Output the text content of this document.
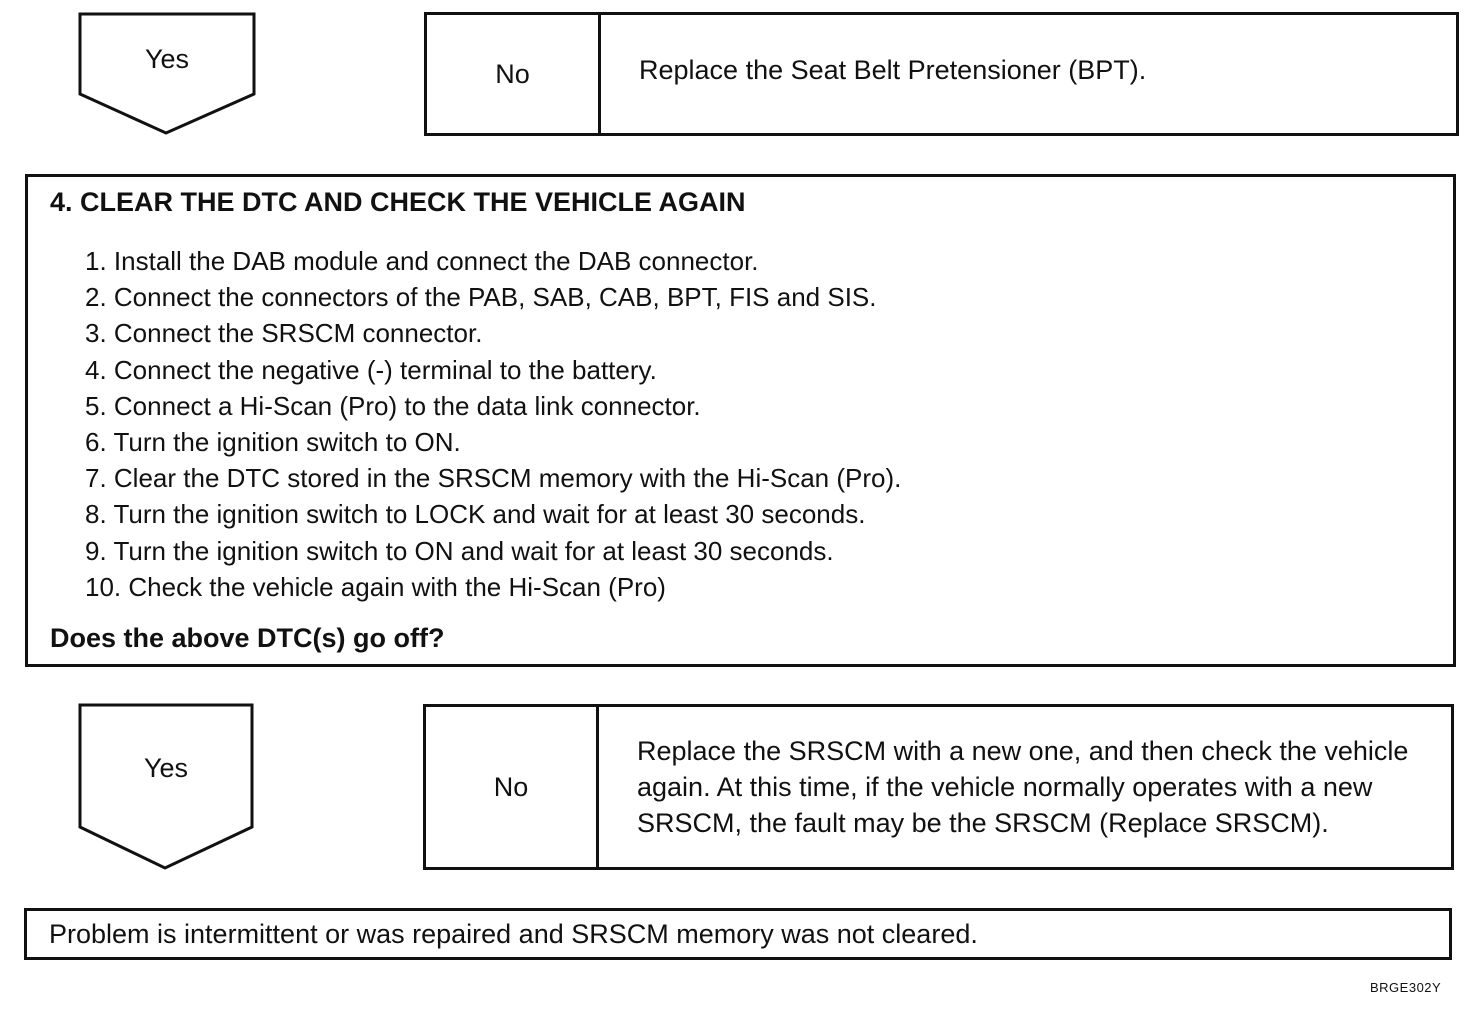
Yes	No	Replace the Seat Belt Pretensioner (BPT).
4. CLEAR THE DTC AND CHECK THE VEHICLE AGAIN
1. Install the DAB module and connect the DAB connector.
2. Connect the connectors of the PAB, SAB, CAB, BPT, FIS and SIS.
3. Connect the SRSCM connector.
4. Connect the negative (-) terminal to the battery.
5. Connect a Hi-Scan (Pro) to the data link connector.
6. Turn the ignition switch to ON.
7. Clear the DTC stored in the SRSCM memory with the Hi-Scan (Pro).
8. Turn the ignition switch to LOCK and wait for at least 30 seconds.
9. Turn the ignition switch to ON and wait for at least 30 seconds.
10. Check the vehicle again with the Hi-Scan (Pro)
Does the above DTC(s) go off?
Yes
No
Replace the SRSCM with a new one, and then check the vehicle again. At this time, if the vehicle normally operates with a new SRSCM, the fault may be the SRSCM (Replace SRSCM).
Problem is intermittent or was repaired and SRSCM memory was not cleared.
BRGE302Y
